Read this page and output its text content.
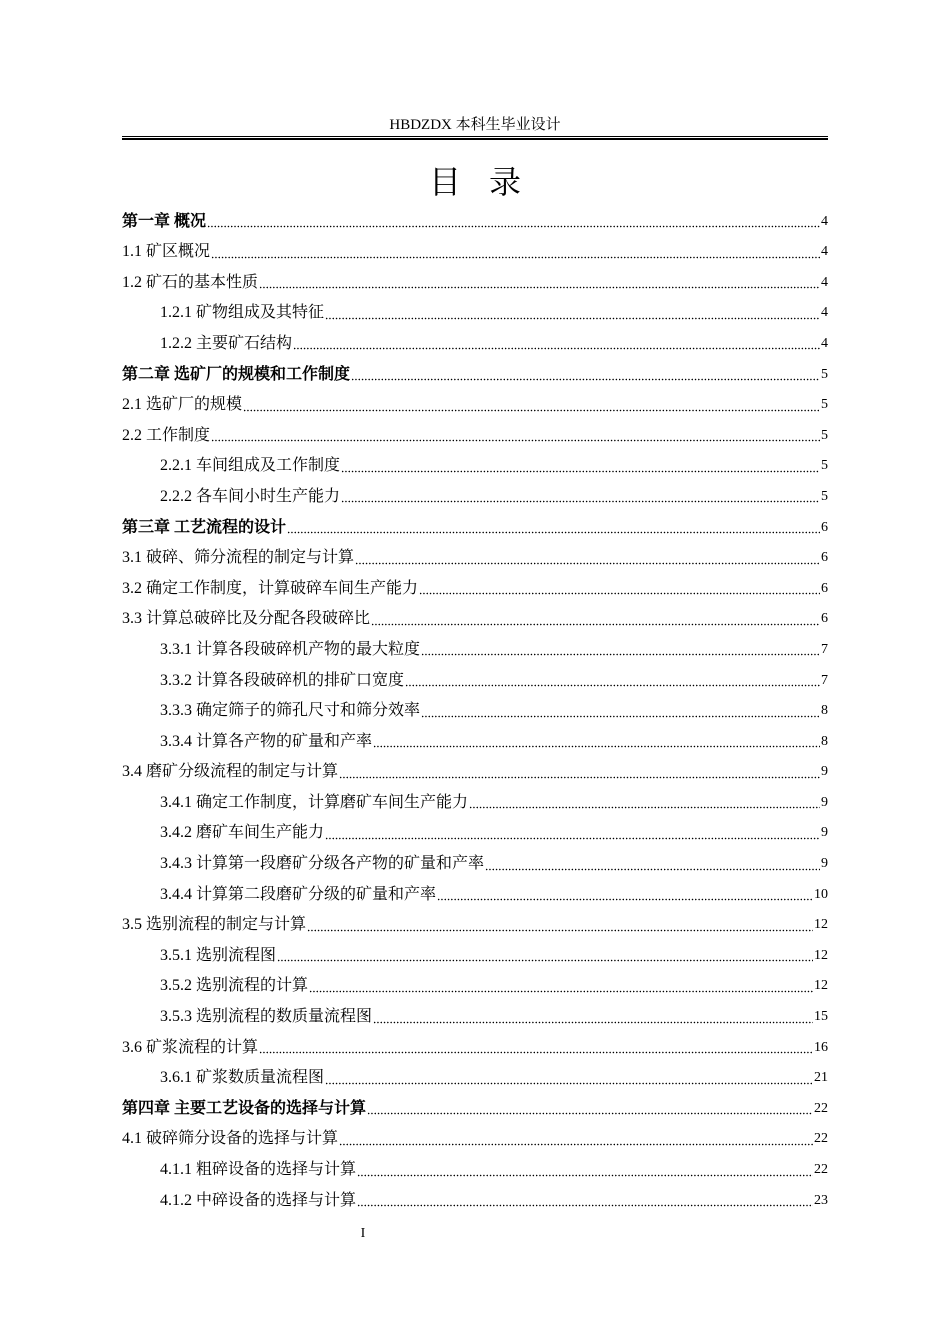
HBDZDX 本科生毕业设计
目录
第一章 概况	4
1.1 矿区概况	4
1.2 矿石的基本性质	4
1.2.1 矿物组成及其特征	4
1.2.2 主要矿石结构	4
第二章 选矿厂的规模和工作制度	5
2.1 选矿厂的规模	5
2.2 工作制度	5
2.2.1 车间组成及工作制度	5
2.2.2 各车间小时生产能力	5
第三章 工艺流程的设计	6
3.1 破碎、筛分流程的制定与计算	6
3.2 确定工作制度，计算破碎车间生产能力	6
3.3 计算总破碎比及分配各段破碎比	6
3.3.1 计算各段破碎机产物的最大粒度	7
3.3.2 计算各段破碎机的排矿口宽度	7
3.3.3 确定筛子的筛孔尺寸和筛分效率	8
3.3.4 计算各产物的矿量和产率	8
3.4 磨矿分级流程的制定与计算	9
3.4.1 确定工作制度，计算磨矿车间生产能力	9
3.4.2 磨矿车间生产能力	9
3.4.3 计算第一段磨矿分级各产物的矿量和产率	9
3.4.4 计算第二段磨矿分级的矿量和产率	10
3.5 选别流程的制定与计算	12
3.5.1 选别流程图	12
3.5.2 选别流程的计算	12
3.5.3 选别流程的数质量流程图	15
3.6 矿浆流程的计算	16
3.6.1 矿浆数质量流程图	21
第四章 主要工艺设备的选择与计算	22
4.1 破碎筛分设备的选择与计算	22
4.1.1 粗碎设备的选择与计算	22
4.1.2 中碎设备的选择与计算	23
I
